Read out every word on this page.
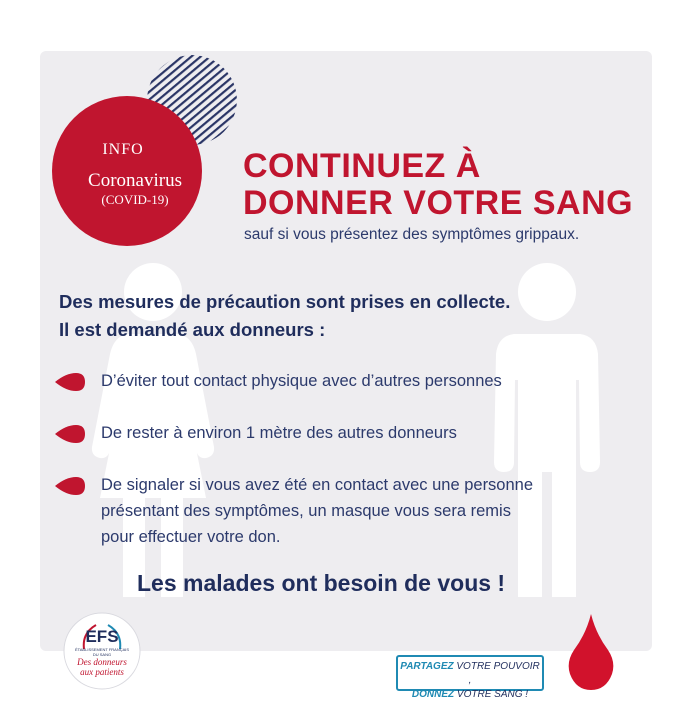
INFO
Coronavirus
(COVID-19)
CONTINUEZ À
DONNER VOTRE SANG
sauf si vous présentez des symptômes grippaux.
Des mesures de précaution sont prises en collecte.
Il est demandé aux donneurs :
D’éviter tout contact physique avec d’autres personnes
De rester à environ 1 mètre des autres donneurs
De signaler si vous avez été en contact avec une personne
présentant des symptômes, un masque vous sera remis
pour effectuer votre don.
Les malades ont besoin de vous !
EFS
ÉTABLISSEMENT FRANÇAIS DU SANG
Des donneurs
aux patients	PARTAGEZ VOTRE POUVOIR ,
DONNEZ VOTRE SANG !
